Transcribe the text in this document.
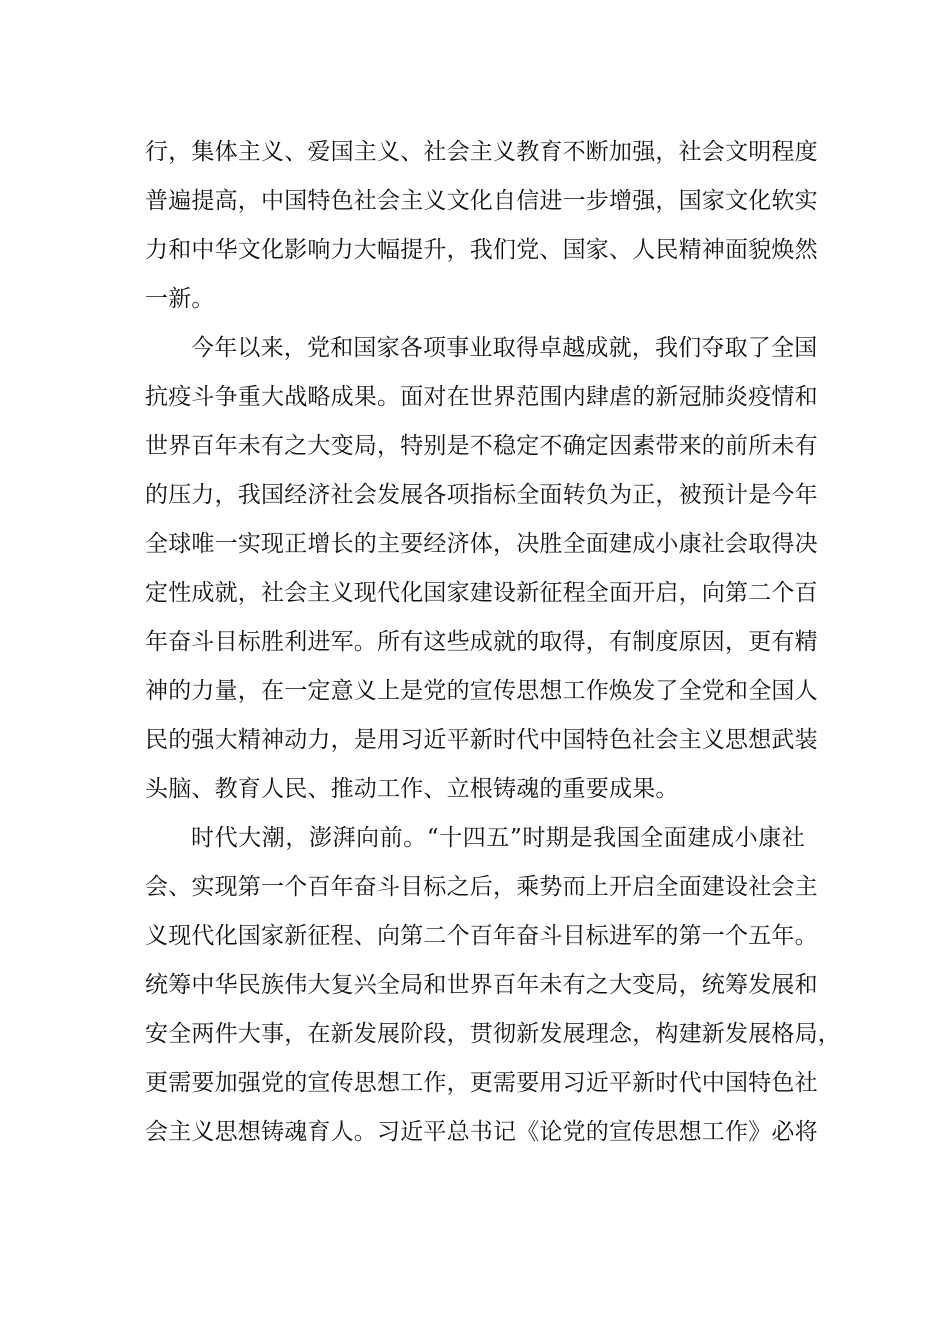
行，集体主义、爱国主义、社会主义教育不断加强，社会文明程度
普遍提高，中国特色社会主义文化自信进一步增强，国家文化软实
力和中华文化影响力大幅提升，我们党、国家、人民精神面貌焕然
一新。
今年以来，党和国家各项事业取得卓越成就，我们夺取了全国
抗疫斗争重大战略成果。面对在世界范围内肆虐的新冠肺炎疫情和
世界百年未有之大变局，特别是不稳定不确定因素带来的前所未有
的压力，我国经济社会发展各项指标全面转负为正，被预计是今年
全球唯一实现正增长的主要经济体，决胜全面建成小康社会取得决
定性成就，社会主义现代化国家建设新征程全面开启，向第二个百
年奋斗目标胜利进军。所有这些成就的取得，有制度原因，更有精
神的力量，在一定意义上是党的宣传思想工作焕发了全党和全国人
民的强大精神动力，是用习近平新时代中国特色社会主义思想武装
头脑、教育人民、推动工作、立根铸魂的重要成果。
时代大潮，澎湃向前。“十四五”时期是我国全面建成小康社
会、实现第一个百年奋斗目标之后，乘势而上开启全面建设社会主
义现代化国家新征程、向第二个百年奋斗目标进军的第一个五年。
统筹中华民族伟大复兴全局和世界百年未有之大变局，统筹发展和
安全两件大事，在新发展阶段，贯彻新发展理念，构建新发展格局，
更需要加强党的宣传思想工作，更需要用习近平新时代中国特色社
会主义思想铸魂育人。习近平总书记《论党的宣传思想工作》必将
